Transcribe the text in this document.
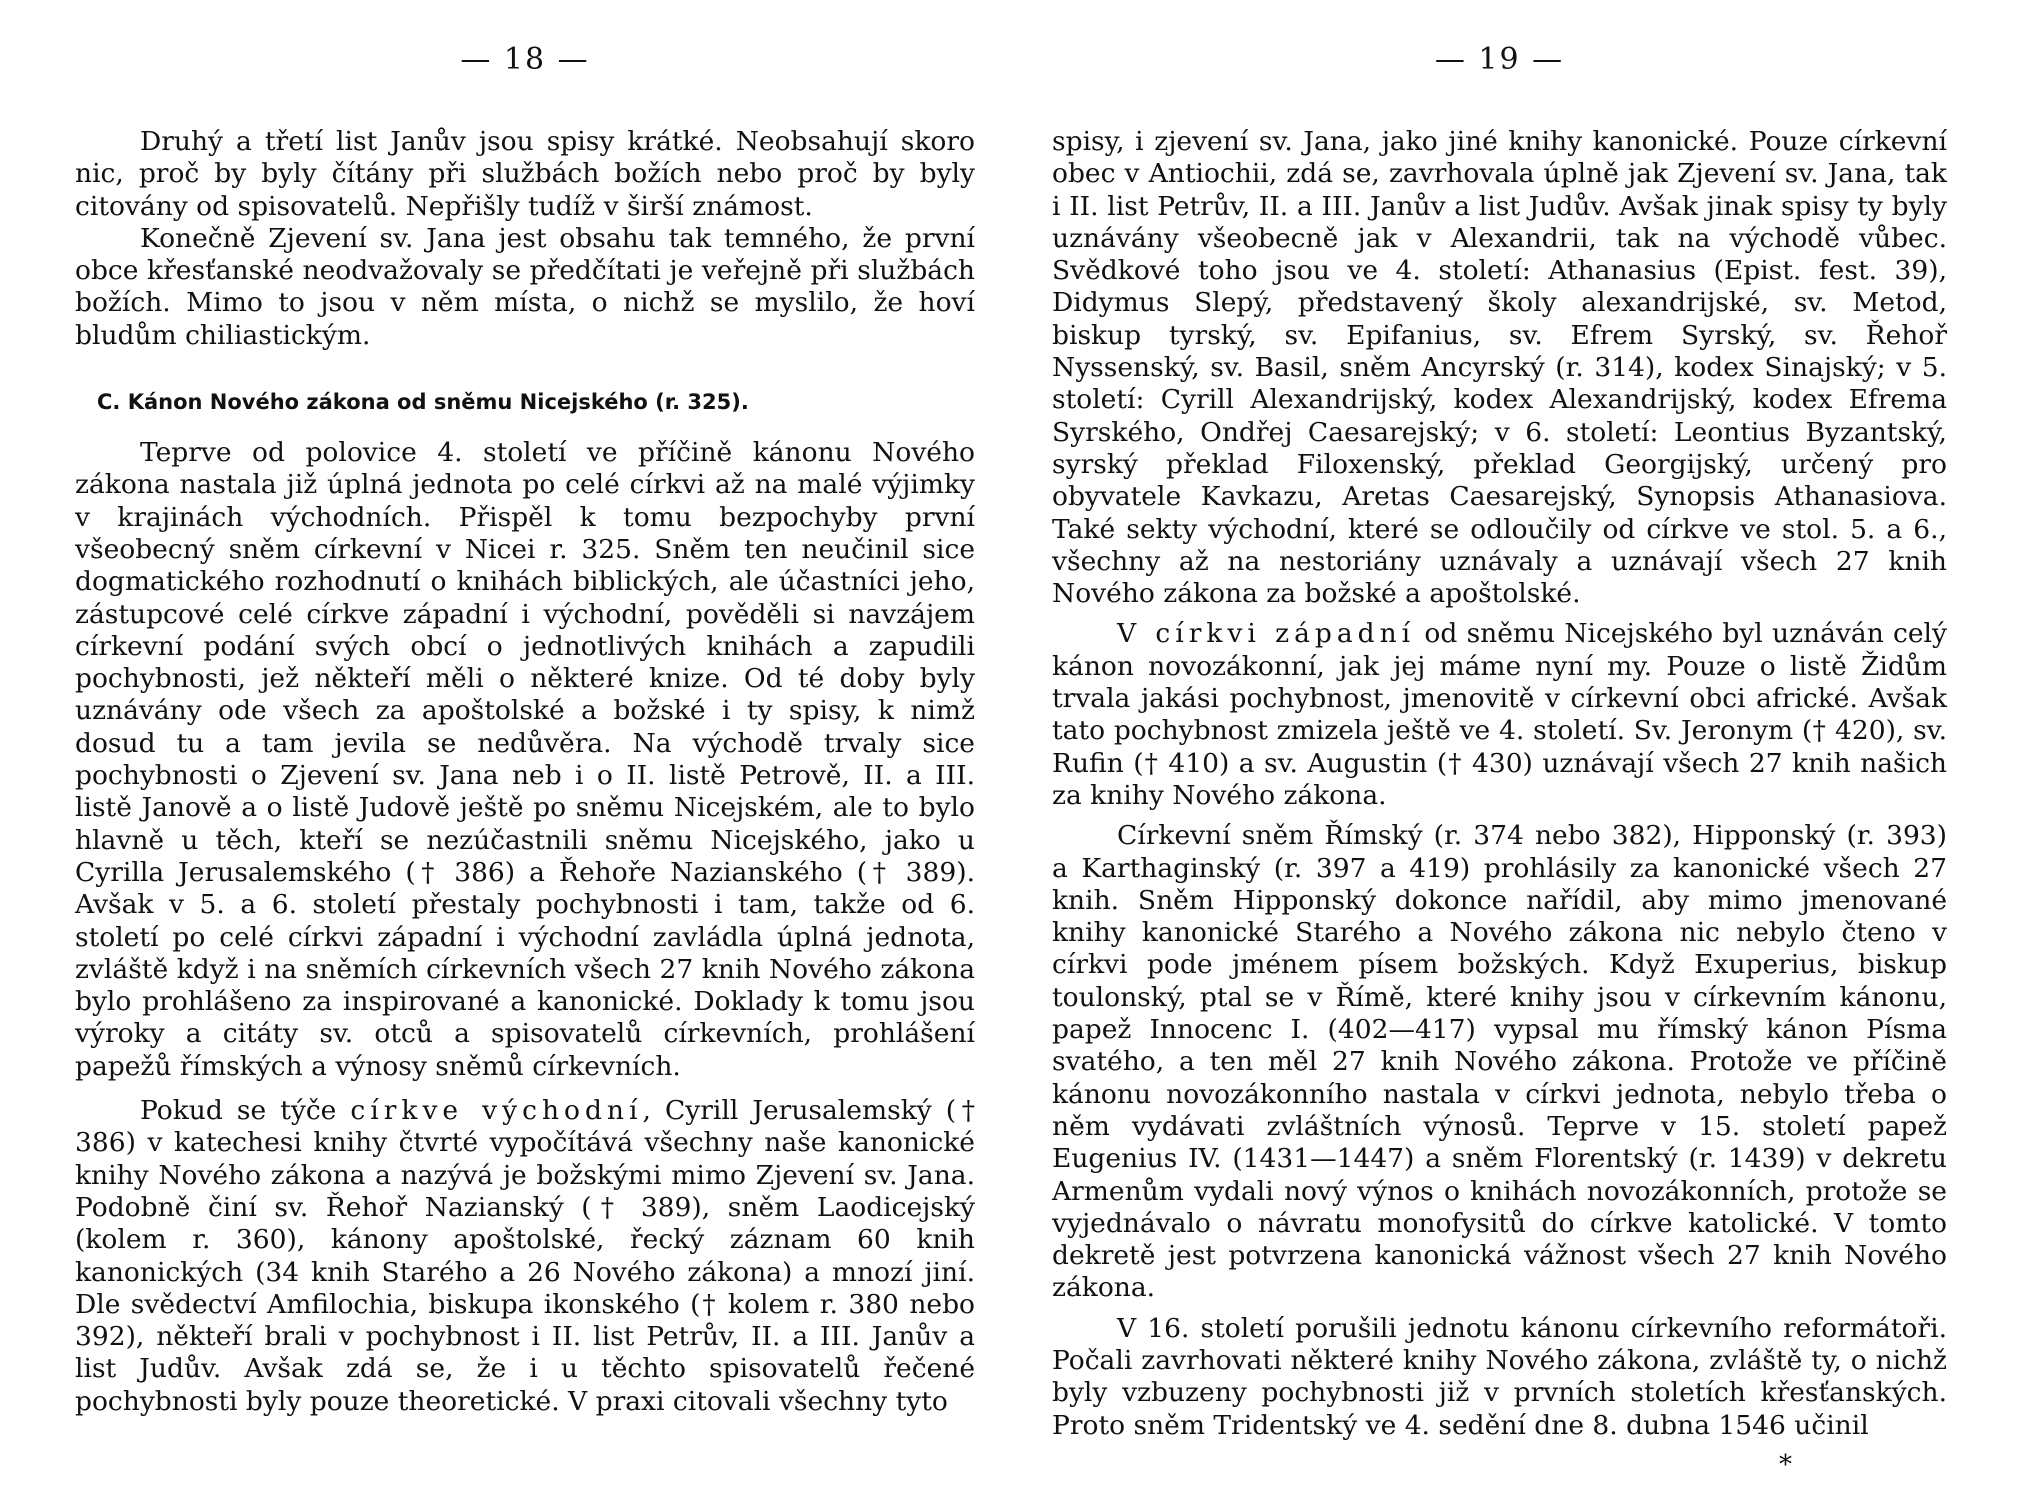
— 18 —

Druhý a třetí list Janův jsou spisy krátké. Neobsahují skoro nic, proč by byly čítány při službách božích nebo proč by byly citovány od spisovatelů. Nepřišly tudíž v širší známost.

Konečně Zjevení sv. Jana jest obsahu tak temného, že první obce křesťanské neodvažovaly se předčítati je veřejně při službách božích. Mimo to jsou v něm místa, o nichž se myslilo, že hoví bludům chiliastickým.

C. Kánon Nového zákona od sněmu Nicejského (r. 325).

Teprve od polovice 4. století ve příčině kánonu Nového zákona nastala již úplná jednota po celé církvi až na malé výjimky v krajinách východních. Přispěl k tomu bezpochyby první všeobecný sněm církevní v Nicei r. 325. Sněm ten neučinil sice dogmatického rozhodnutí o knihách biblických, ale účastníci jeho, zástupcové celé církve západní i východní, pověděli si navzájem církevní podání svých obcí o jednotlivých knihách a zapudili pochybnosti, jež někteří měli o některé knize. Od té doby byly uznávány ode všech za apoštolské a božské i ty spisy, k nimž dosud tu a tam jevila se nedůvěra. Na východě trvaly sice pochybnosti o Zjevení sv. Jana neb i o II. listě Petrově, II. a III. listě Janově a o listě Judově ještě po sněmu Nicejském, ale to bylo hlavně u těch, kteří se nezúčastnili sněmu Nicejského, jako u Cyrilla Jerusalemského († 386) a Řehoře Nazianského († 389). Avšak v 5. a 6. století přestaly pochybnosti i tam, takže od 6. století po celé církvi západní i východní zavládla úplná jednota, zvláště když i na sněmích církevních všech 27 knih Nového zákona bylo prohlášeno za inspirované a kanonické. Doklady k tomu jsou výroky a citáty sv. otců a spisovatelů církevních, prohlášení papežů římských a výnosy sněmů církevních.

Pokud se týče církve východní, Cyrill Jerusalemský († 386) v katechesi knihy čtvrté vypočítává všechny naše kanonické knihy Nového zákona a nazývá je božskými mimo Zjevení sv. Jana. Podobně činí sv. Řehoř Nazianský († 389), sněm Laodicejský (kolem r. 360), kánony apoštolské, řecký záznam 60 knih kanonických (34 knih Starého a 26 Nového zákona) a mnozí jiní. Dle svědectví Amfilochia, biskupa ikonského († kolem r. 380 nebo 392), někteří brali v pochybnost i II. list Petrův, II. a III. Janův a list Judův. Avšak zdá se, že i u těchto spisovatelů řečené pochybnosti byly pouze theoretické. V praxi citovali všechny tyto

— 19 —

spisy, i zjevení sv. Jana, jako jiné knihy kanonické. Pouze církevní obec v Antiochii, zdá se, zavrhovala úplně jak Zjevení sv. Jana, tak i II. list Petrův, II. a III. Janův a list Judův. Avšak jinak spisy ty byly uznávány všeobecně jak v Alexandrii, tak na východě vůbec. Svědkové toho jsou ve 4. století: Athanasius (Epist. fest. 39), Didymus Slepý, představený školy alexandrijské, sv. Metod, biskup tyrský, sv. Epifanius, sv. Efrem Syrský, sv. Řehoř Nyssenský, sv. Basil, sněm Ancyrský (r. 314), kodex Sinajský; v 5. století: Cyrill Alexandrijský, kodex Alexandrijský, kodex Efrema Syrského, Ondřej Caesarejský; v 6. století: Leontius Byzantský, syrský překlad Filoxenský, překlad Georgijský, určený pro obyvatele Kavkazu, Aretas Caesarejský, Synopsis Athanasiova. Také sekty východní, které se odloučily od církve ve stol. 5. a 6., všechny až na nestoriány uznávaly a uznávají všech 27 knih Nového zákona za božské a apoštolské.

V církvi západní od sněmu Nicejského byl uznáván celý kánon novozákonní, jak jej máme nyní my. Pouze o listě Židům trvala jakási pochybnost, jmenovitě v církevní obci africké. Avšak tato pochybnost zmizela ještě ve 4. století. Sv. Jeronym († 420), sv. Rufin († 410) a sv. Augustin († 430) uznávají všech 27 knih našich za knihy Nového zákona.

Církevní sněm Římský (r. 374 nebo 382), Hipponský (r. 393) a Karthaginský (r. 397 a 419) prohlásily za kanonické všech 27 knih. Sněm Hipponský dokonce nařídil, aby mimo jmenované knihy kanonické Starého a Nového zákona nic nebylo čteno v církvi pode jménem písem božských. Když Exuperius, biskup toulonský, ptal se v Římě, které knihy jsou v církevním kánonu, papež Innocenc I. (402—417) vypsal mu římský kánon Písma svatého, a ten měl 27 knih Nového zákona. Protože ve příčině kánonu novozákonního nastala v církvi jednota, nebylo třeba o něm vydávati zvláštních výnosů. Teprve v 15. století papež Eugenius IV. (1431—1447) a sněm Florentský (r. 1439) v dekretu Armenům vydali nový výnos o knihách novozákonních, protože se vyjednávalo o návratu monofysitů do církve katolické. V tomto dekretě jest potvrzena kanonická vážnost všech 27 knih Nového zákona.

V 16. století porušili jednotu kánonu církevního reformátoři. Počali zavrhovati některé knihy Nového zákona, zvláště ty, o nichž byly vzbuzeny pochybnosti již v prvních stoletích křesťanských. Proto sněm Tridentský ve 4. sedění dne 8. dubna 1546 učinil

*
